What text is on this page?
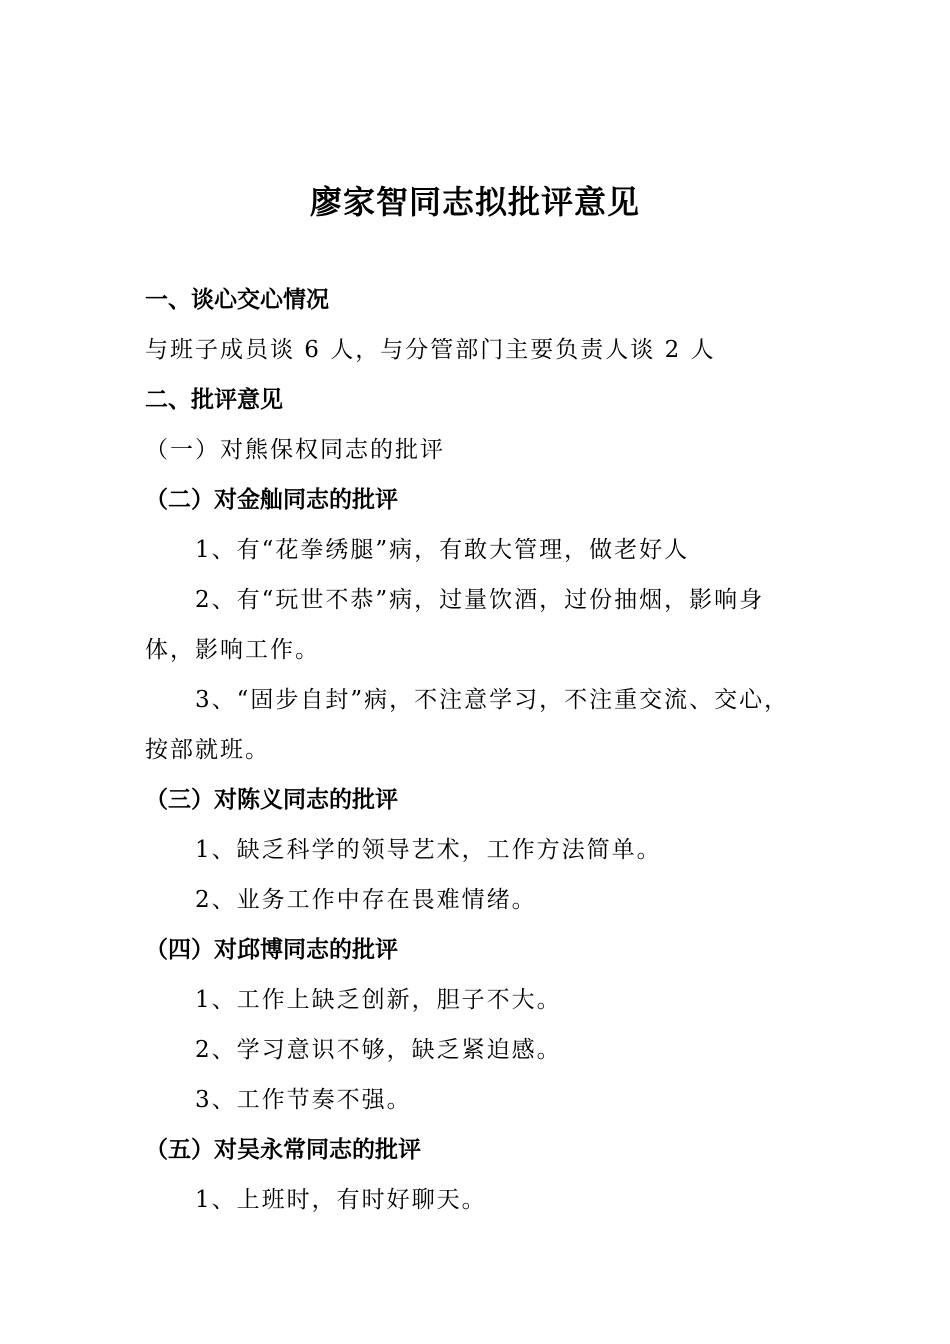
廖家智同志拟批评意见
一、谈心交心情况
与班子成员谈 6 人，与分管部门主要负责人谈 2 人
二、批评意见
（一）对熊保权同志的批评
（二）对金舢同志的批评
1、有“花拳绣腿”病，有敢大管理，做老好人
2、有“玩世不恭”病，过量饮酒，过份抽烟，影响身
体，影响工作。
3、“固步自封”病，不注意学习，不注重交流、交心，
按部就班。
（三）对陈义同志的批评
1、缺乏科学的领导艺术，工作方法简单。
2、业务工作中存在畏难情绪。
（四）对邱博同志的批评
1、工作上缺乏创新，胆子不大。
2、学习意识不够，缺乏紧迫感。
3、工作节奏不强。
（五）对吴永常同志的批评
1、上班时，有时好聊天。
